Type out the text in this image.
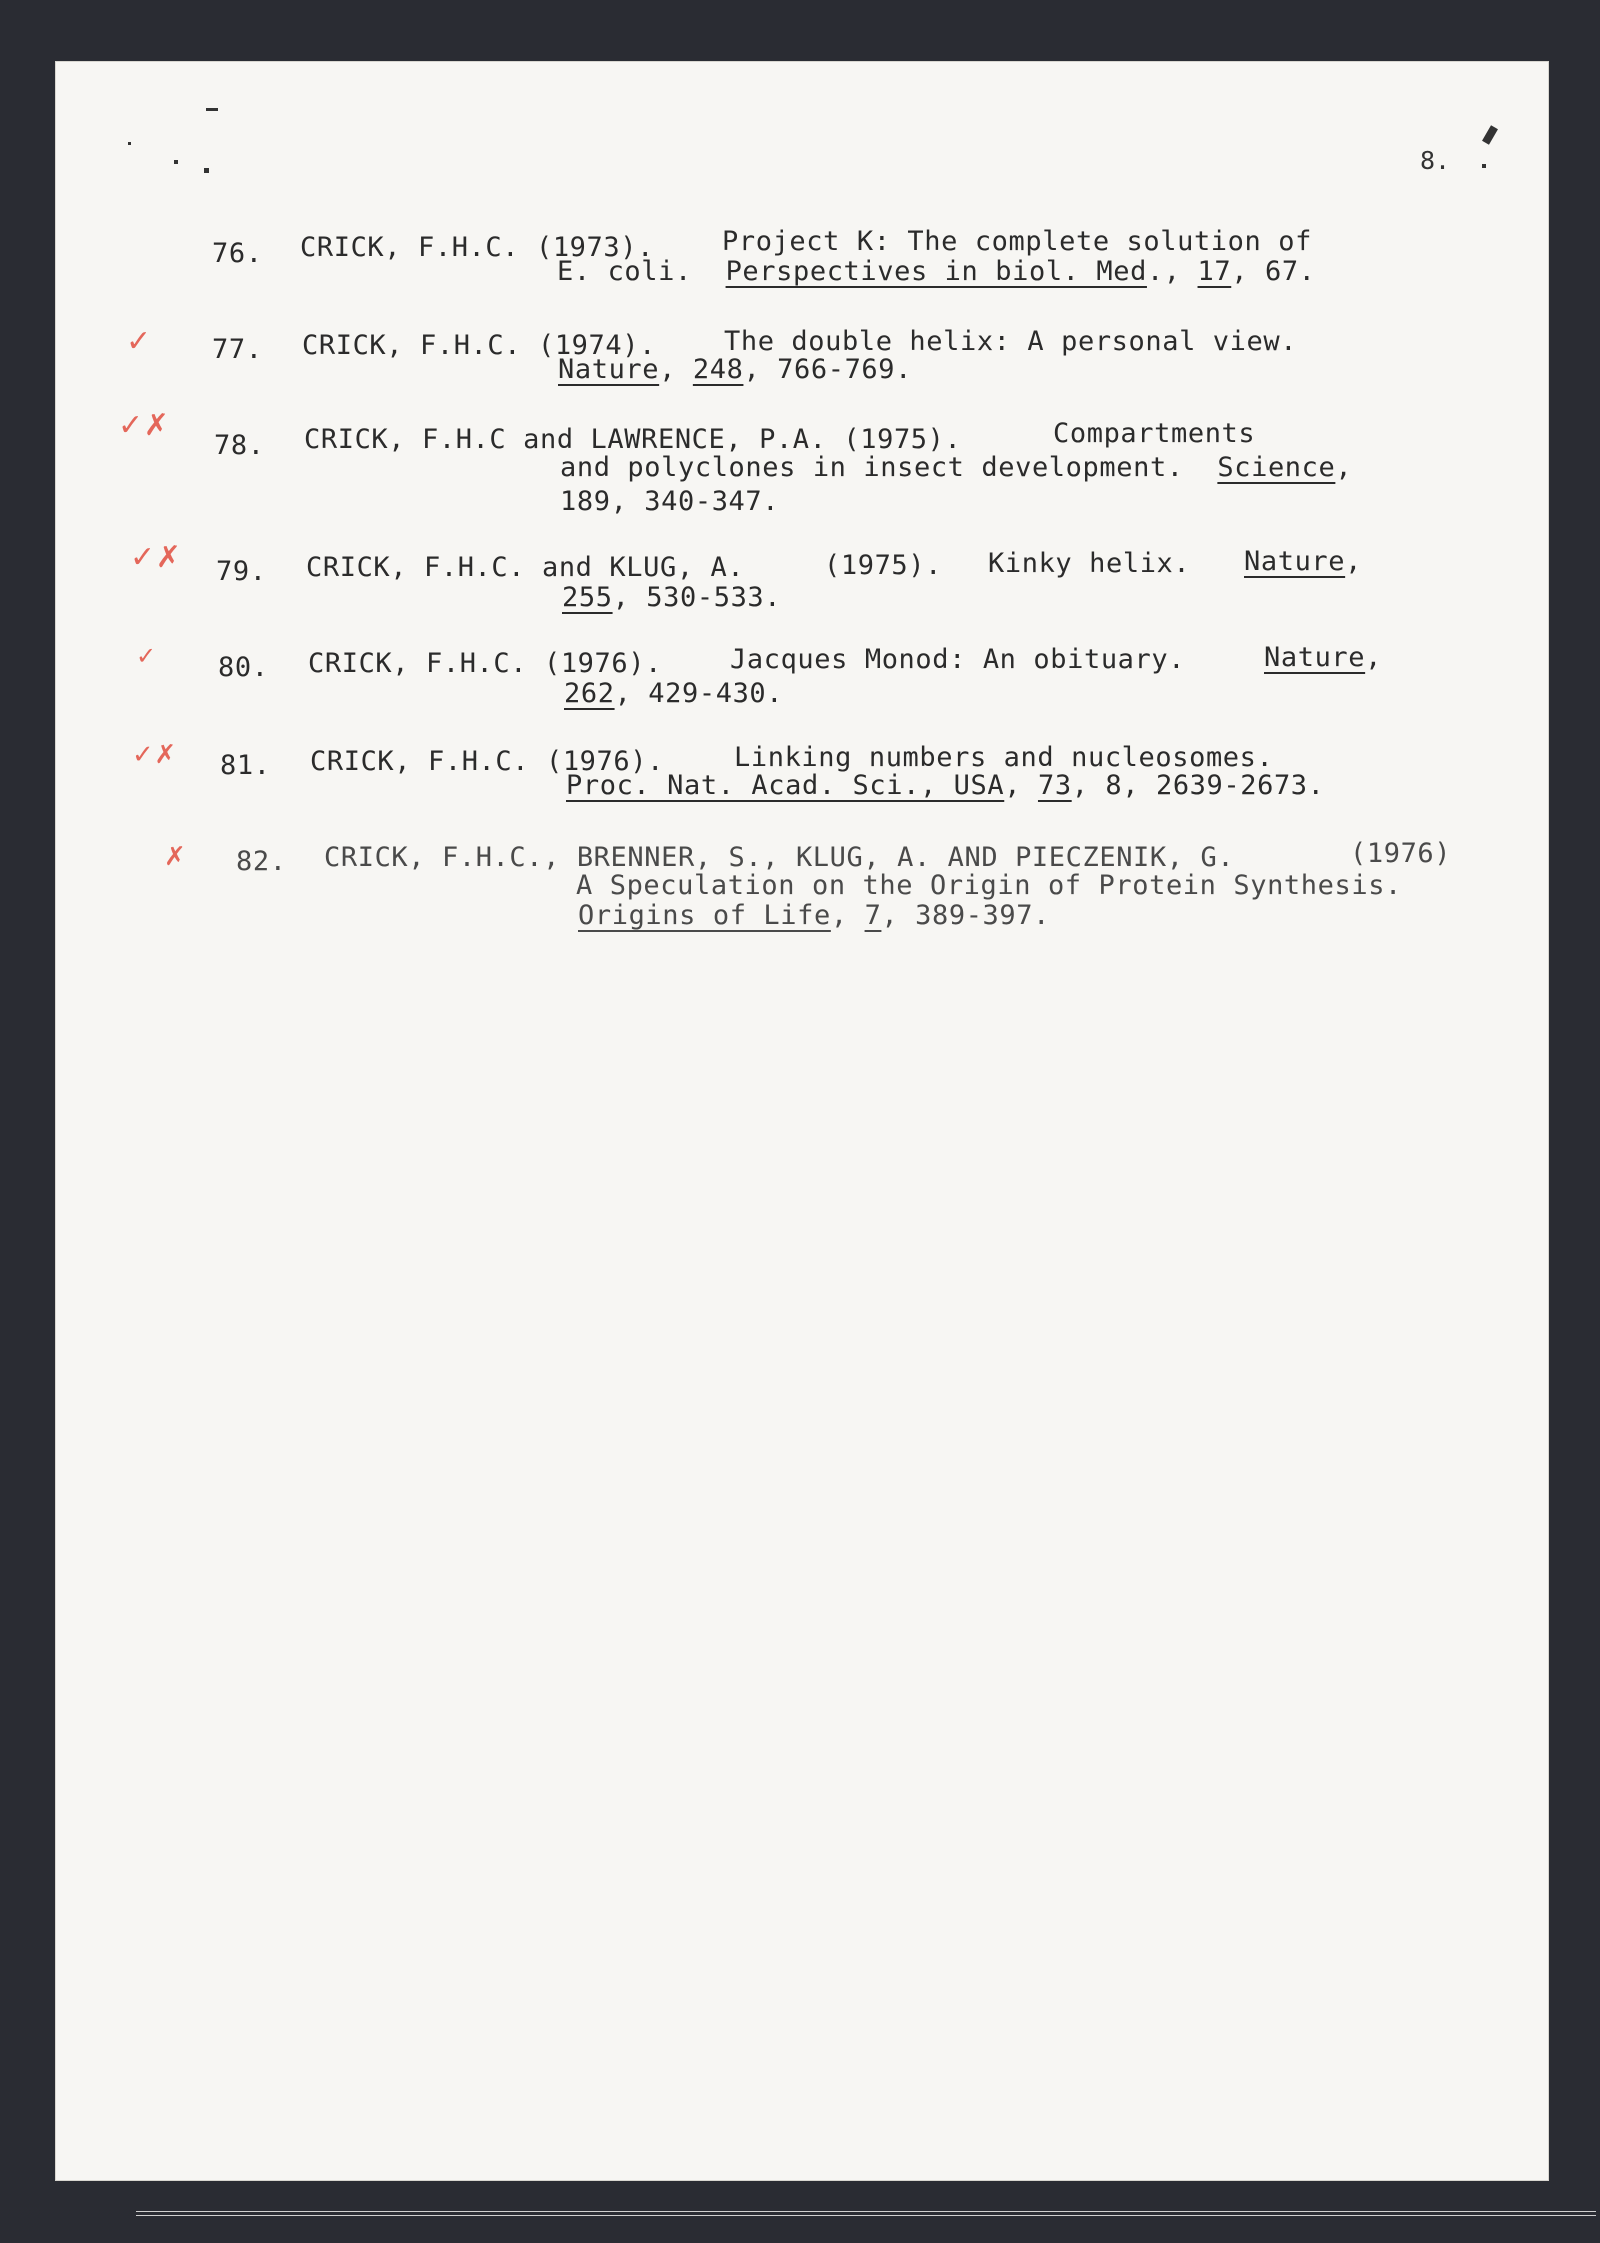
8.
76. CRICK, F.H.C. (1973).	Project K: The complete solution of
E. coli. Perspectives in biol. Med., 17, 67.
✓ 77. CRICK, F.H.C. (1974).	The double helix: A personal view.
Nature, 248, 766-769.
✓✗
78. CRICK, F.H.C and LAWRENCE, P.A. (1975).	Compartments
and polyclones in insect development. Science,
189, 340-347.
✓✗ 79. CRICK, F.H.C. and KLUG, A.	(1975). Kinky helix. Nature,
255, 530-533.
✓ 80. CRICK, F.H.C. (1976).	Jacques Monod: An obituary.	Nature,
262, 429-430.
✓✗ 81. CRICK, F.H.C. (1976).	Linking numbers and nucleosomes.
Proc. Nat. Acad. Sci., USA, 73, 8, 2639-2673.
✗ 82. CRICK, F.H.C., BRENNER, S., KLUG, A. AND PIECZENIK, G.	(1976)
A Speculation on the Origin of Protein Synthesis.
Origins of Life, 7, 389-397.
